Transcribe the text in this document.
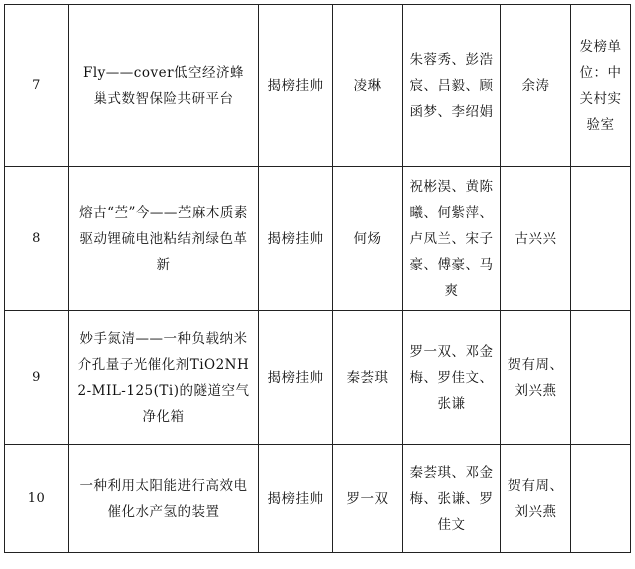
7	Fly——cover低空经济蜂巢式数智保险共研平台	揭榜挂帅	凌琳	朱蓉秀、彭浩宸、吕毅、顾函梦、李绍娟	余涛	发榜单位：中关村实验室
8	熔古“苎”今——苎麻木质素驱动锂硫电池粘结剂绿色革新	揭榜挂帅	何炀	祝彬淏、黄陈曦、何紫萍、卢凤兰、宋子豪、傅豪、马爽	古兴兴	
9	妙手氮清——一种负载纳米介孔量子光催化剂TiO2NH2-MIL-125(Ti)的隧道空气净化箱	揭榜挂帅	秦荟琪	罗一双、邓金梅、罗佳文、张谦	贺有周、刘兴燕	
10	一种利用太阳能进行高效电催化水产氢的装置	揭榜挂帅	罗一双	秦荟琪、邓金梅、张谦、罗佳文	贺有周、刘兴燕	
